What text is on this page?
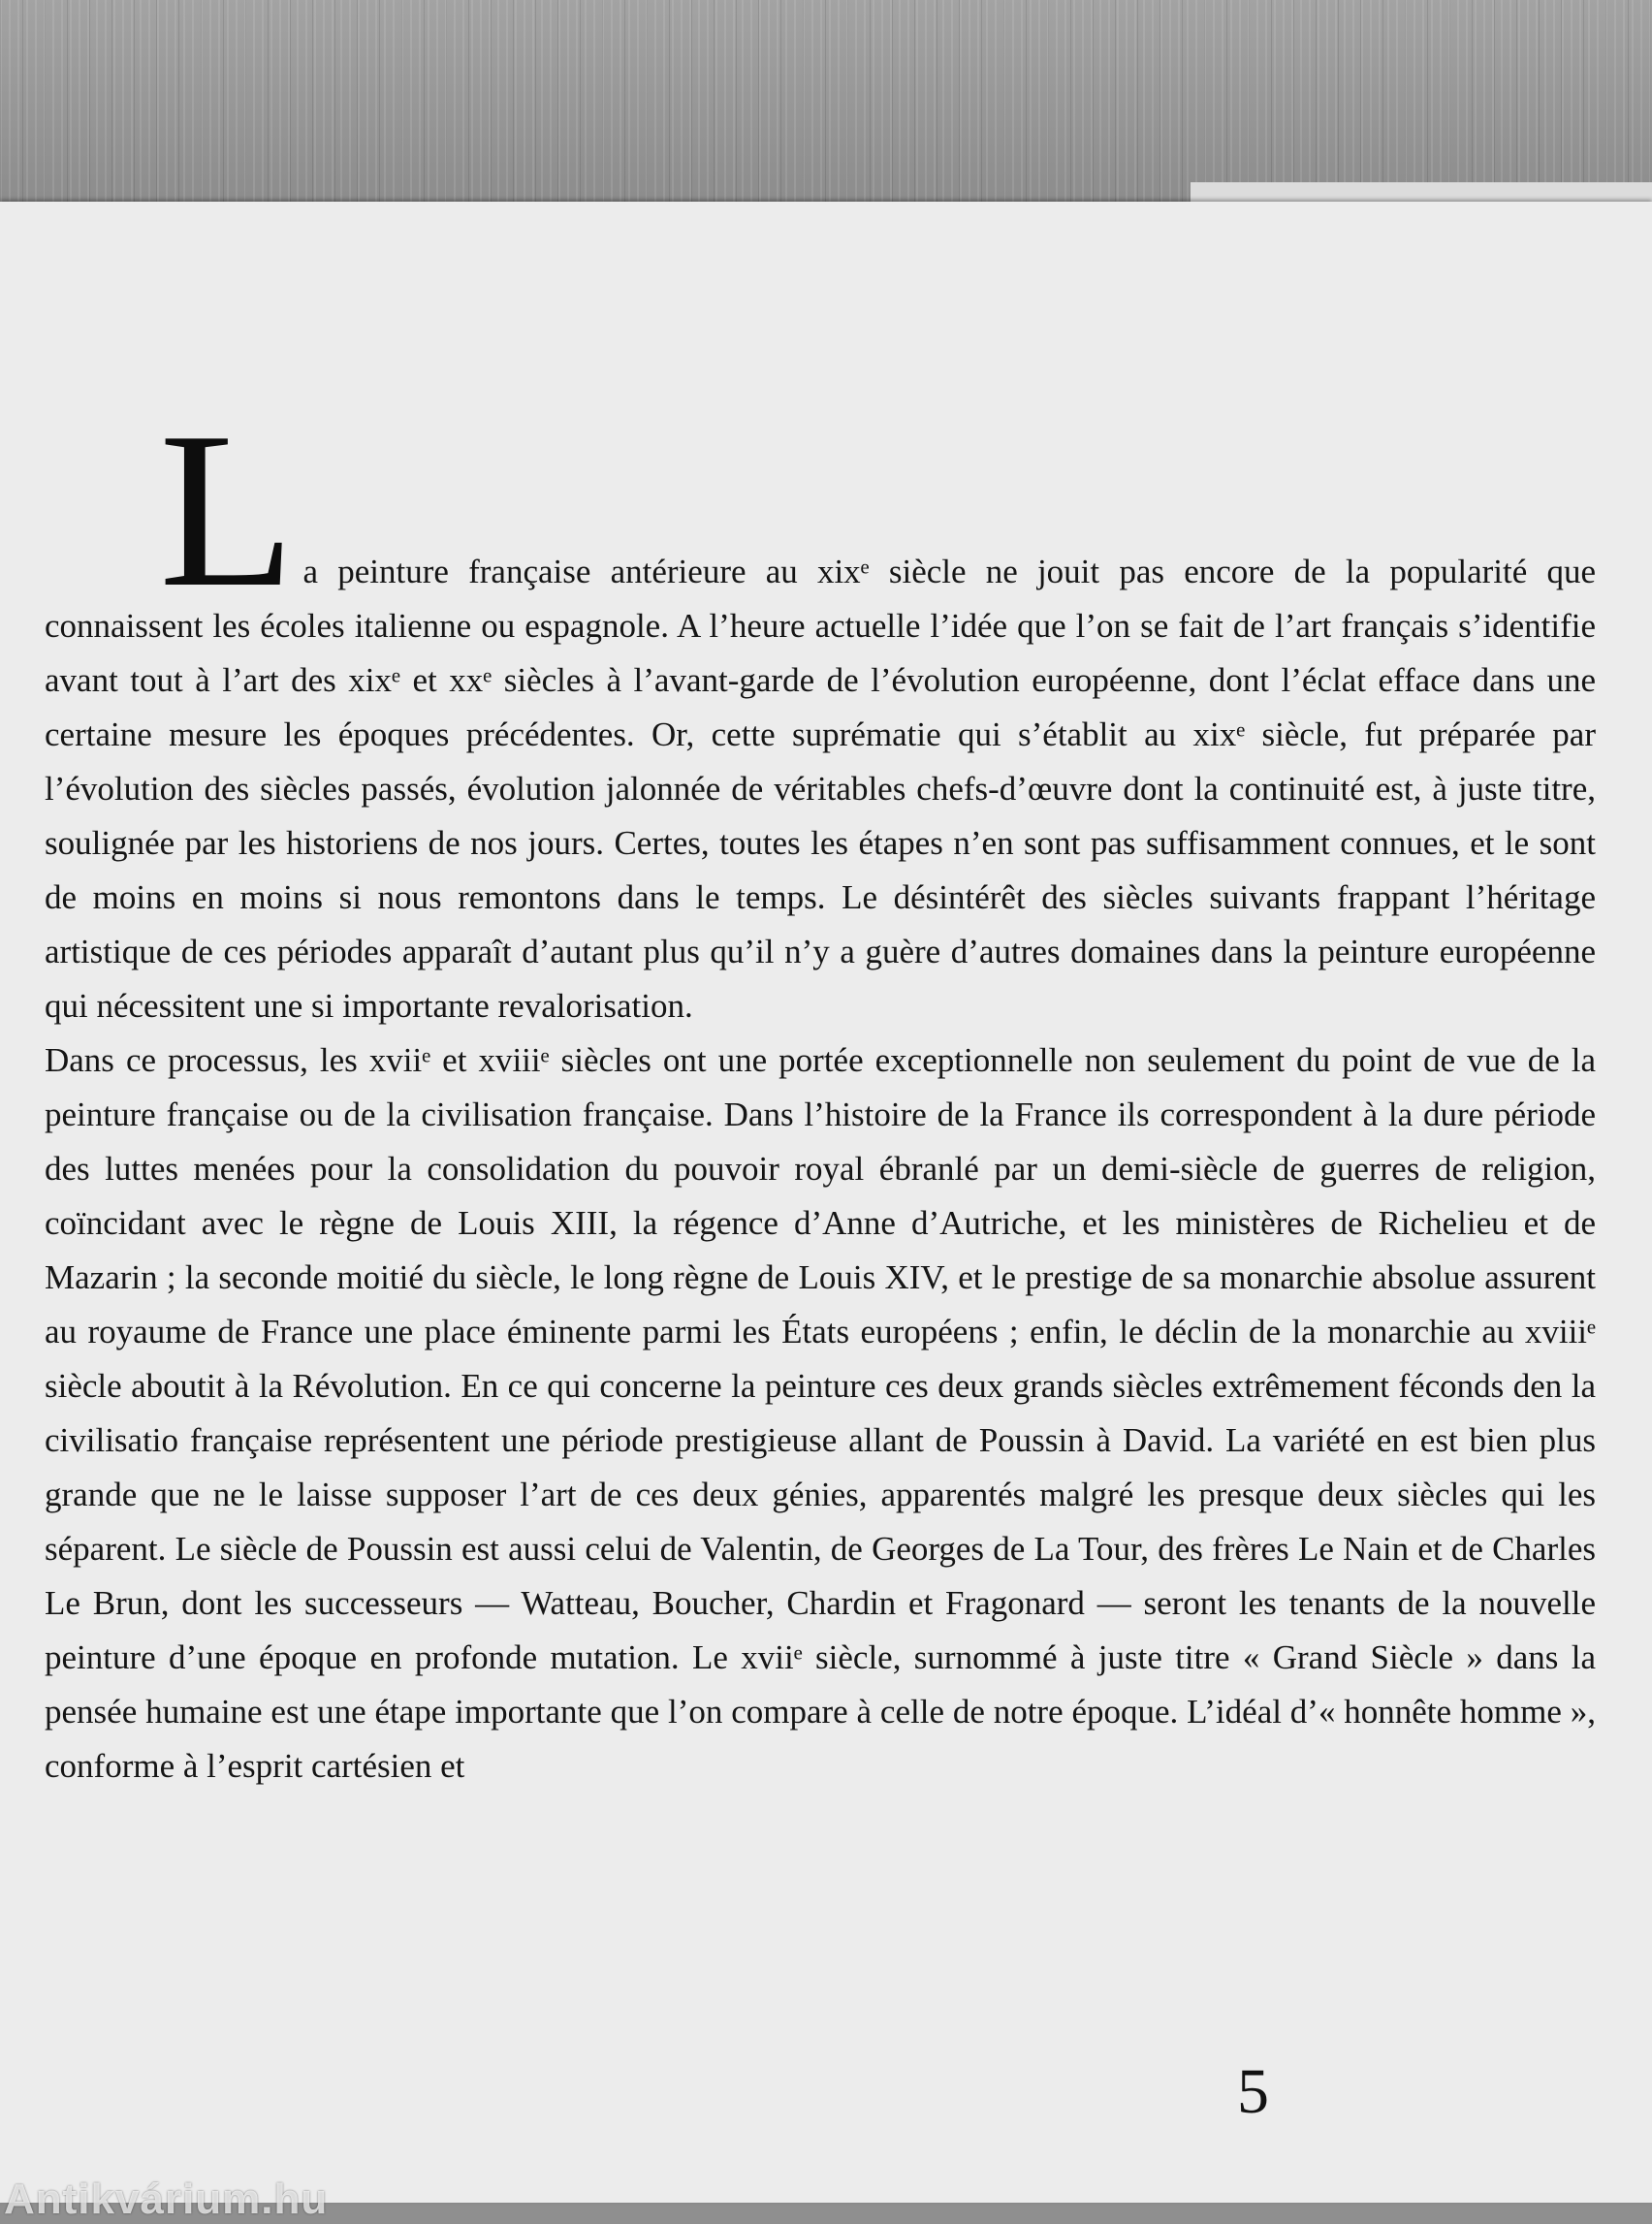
La peinture française antérieure au xixᵉ siècle ne jouit pas encore de la popularité que connaissent les écoles italienne ou espagnole. A l’heure actuelle l’idée que l’on se fait de l’art français s’identifie avant tout à l’art des xixᵉ et xxᵉ siècles à l’avant-garde de l’évolution européenne, dont l’éclat efface dans une certaine mesure les époques précédentes. Or, cette suprématie qui s’établit au xixᵉ siècle, fut préparée par l’évolution des siècles passés, évolution jalonnée de véritables chefs-d’œuvre dont la continuité est, à juste titre, soulignée par les historiens de nos jours. Certes, toutes les étapes n’en sont pas suffisamment connues, et le sont de moins en moins si nous remontons dans le temps. Le désintérêt des siècles suivants frappant l’héritage artistique de ces périodes apparaît d’autant plus qu’il n’y a guère d’autres domaines dans la peinture européenne qui nécessitent une si importante revalorisation.

Dans ce processus, les xviiᵉ et xviiiᵉ siècles ont une portée exceptionnelle non seulement du point de vue de la peinture française ou de la civilisation française. Dans l’histoire de la France ils correspondent à la dure période des luttes menées pour la consolidation du pouvoir royal ébranlé par un demi-siècle de guerres de religion, coïncidant avec le règne de Louis XIII, la régence d’Anne d’Autriche, et les ministères de Richelieu et de Mazarin ; la seconde moitié du siècle, le long règne de Louis XIV, et le prestige de sa monarchie absolue assurent au royaume de France une place éminente parmi les États européens ; enfin, le déclin de la monarchie au xviiiᵉ siècle aboutit à la Révolution. En ce qui concerne la peinture ces deux grands siècles extrêmement féconds den la civilisatio française représentent une période prestigieuse allant de Poussin à David. La variété en est bien plus grande que ne le laisse supposer l’art de ces deux génies, apparentés malgré les presque deux siècles qui les séparent. Le siècle de Poussin est aussi celui de Valentin, de Georges de La Tour, des frères Le Nain et de Charles Le Brun, dont les successeurs — Watteau, Boucher, Chardin et Fragonard — seront les tenants de la nouvelle peinture d’une époque en profonde mutation. Le xviiᵉ siècle, surnommé à juste titre « Grand Siècle » dans la pensée humaine est une étape importante que l’on compare à celle de notre époque. L’idéal d’« honnête homme », conforme à l’esprit cartésien et

5
Antikvárium.hu
